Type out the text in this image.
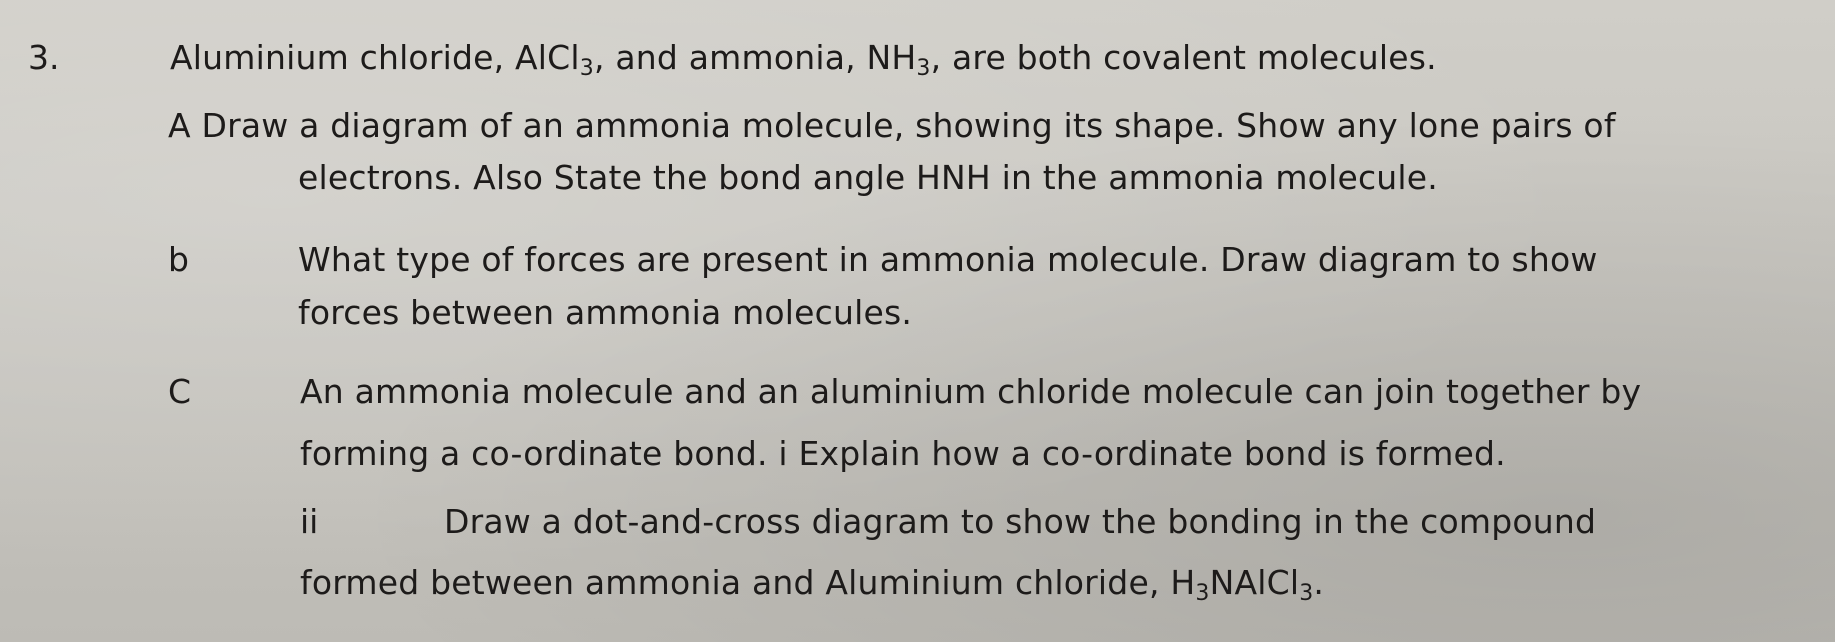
3.	Aluminium chloride, AlCl$_3$, and ammonia, $NH_3$, are both covalent molecules.
A Draw a diagram of an ammonia molecule, showing its shape. Show any lone pairs of
electrons. Also State the bond angle HNH in the ammonia molecule.
b	What type of forces are present in ammonia molecule. Draw diagram to show
forces between ammonia molecules.
C	An ammonia molecule and an aluminium chloride molecule can join together by
forming a co-ordinate bond. i Explain how a co-ordinate bond is formed.
ii	Draw a dot-and-cross diagram to show the bonding in the compound
formed between ammonia and Aluminium chloride, $H_3NAlCl_3$.
